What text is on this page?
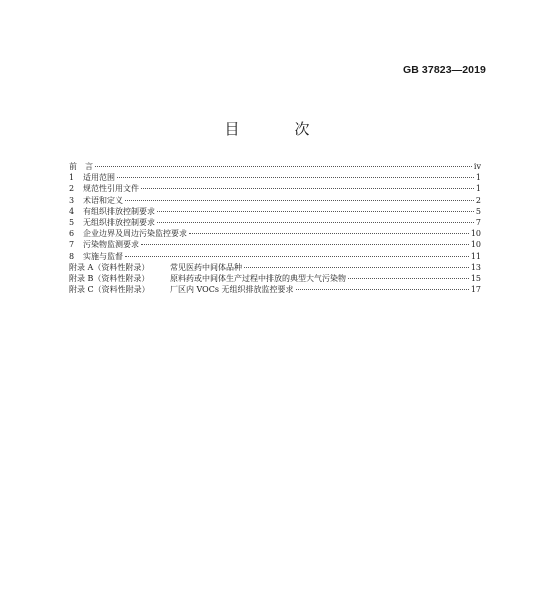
GB 37823—2019
目　次
前　言	iv
1	适用范围	1
2	规范性引用文件	1
3	术语和定义	2
4	有组织排放控制要求	5
5	无组织排放控制要求	7
6	企业边界及周边污染监控要求	10
7	污染物监测要求	10
8	实施与监督	11
附录 A（资料性附录）	常见医药中间体品种	13
附录 B（资料性附录）	原料药或中间体生产过程中排放的典型大气污染物	15
附录 C（资料性附录）	厂区内 VOCs 无组织排放监控要求	17
